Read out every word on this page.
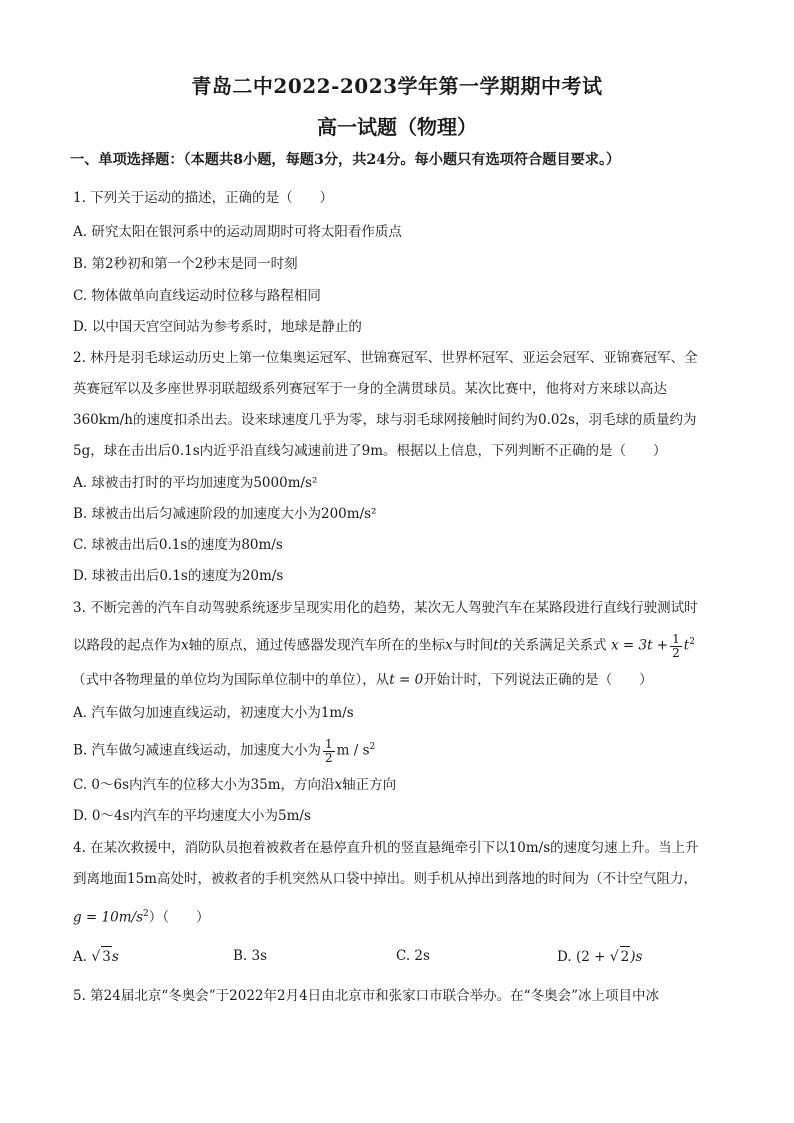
青岛二中2022-2023学年第一学期期中考试
高一试题（物理）
一、单项选择题：（本题共8小题，每题3分，共24分。每小题只有选项符合题目要求。）
1. 下列关于运动的描述，正确的是（　　）
A. 研究太阳在银河系中的运动周期时可将太阳看作质点
B. 第2秒初和第一个2秒末是同一时刻
C. 物体做单向直线运动时位移与路程相同
D. 以中国天宫空间站为参考系时，地球是静止的
2. 林丹是羽毛球运动历史上第一位集奥运冠军、世锦赛冠军、世界杯冠军、亚运会冠军、亚锦赛冠军、全
英赛冠军以及多座世界羽联超级系列赛冠军于一身的全满贯球员。某次比赛中，他将对方来球以高达
360km/h的速度扣杀出去。设来球速度几乎为零，球与羽毛球网接触时间约为0.02s，羽毛球的质量约为
5g，球在击出后0.1s内近乎沿直线匀减速前进了9m。根据以上信息，下列判断不正确的是（　　）
A. 球被击打时的平均加速度为5000m/s²
B. 球被击出后匀减速阶段的加速度大小为200m/s²
C. 球被击出后0.1s的速度为80m/s
D. 球被击出后0.1s的速度为20m/s
3. 不断完善的汽车自动驾驶系统逐步呈现实用化的趋势，某次无人驾驶汽车在某路段进行直线行驶测试时
以路段的起点作为x轴的原点，通过传感器发现汽车所在的坐标x与时间t的关系满足关系式 $x = 3t + \frac{1}{2} t^2$
（式中各物理量的单位均为国际单位制中的单位），从t = 0开始计时，下列说法正确的是（　　）
A. 汽车做匀加速直线运动，初速度大小为1m/s
B. 汽车做匀减速直线运动，加速度大小为 $\frac{1}{2}$ m / $s^2$
C. 0～6s内汽车的位移大小为35m，方向沿x轴正方向
D. 0～4s内汽车的平均速度大小为5m/s
4. 在某次救援中，消防队员抱着被救者在悬停直升机的竖直悬绳牵引下以10m/s的速度匀速上升。当上升
到离地面15m高处时，被救者的手机突然从口袋中掉出。则手机从掉出到落地的时间为（不计空气阻力，
$g = 10m/s^2$）（　　）
A. √ 3s	B. 3s	C. 2s	D. (2 + √ 2)s
5. 第24届北京“冬奥会”于2022年2月4日由北京市和张家口市联合举办。在“冬奥会”冰上项目中冰
